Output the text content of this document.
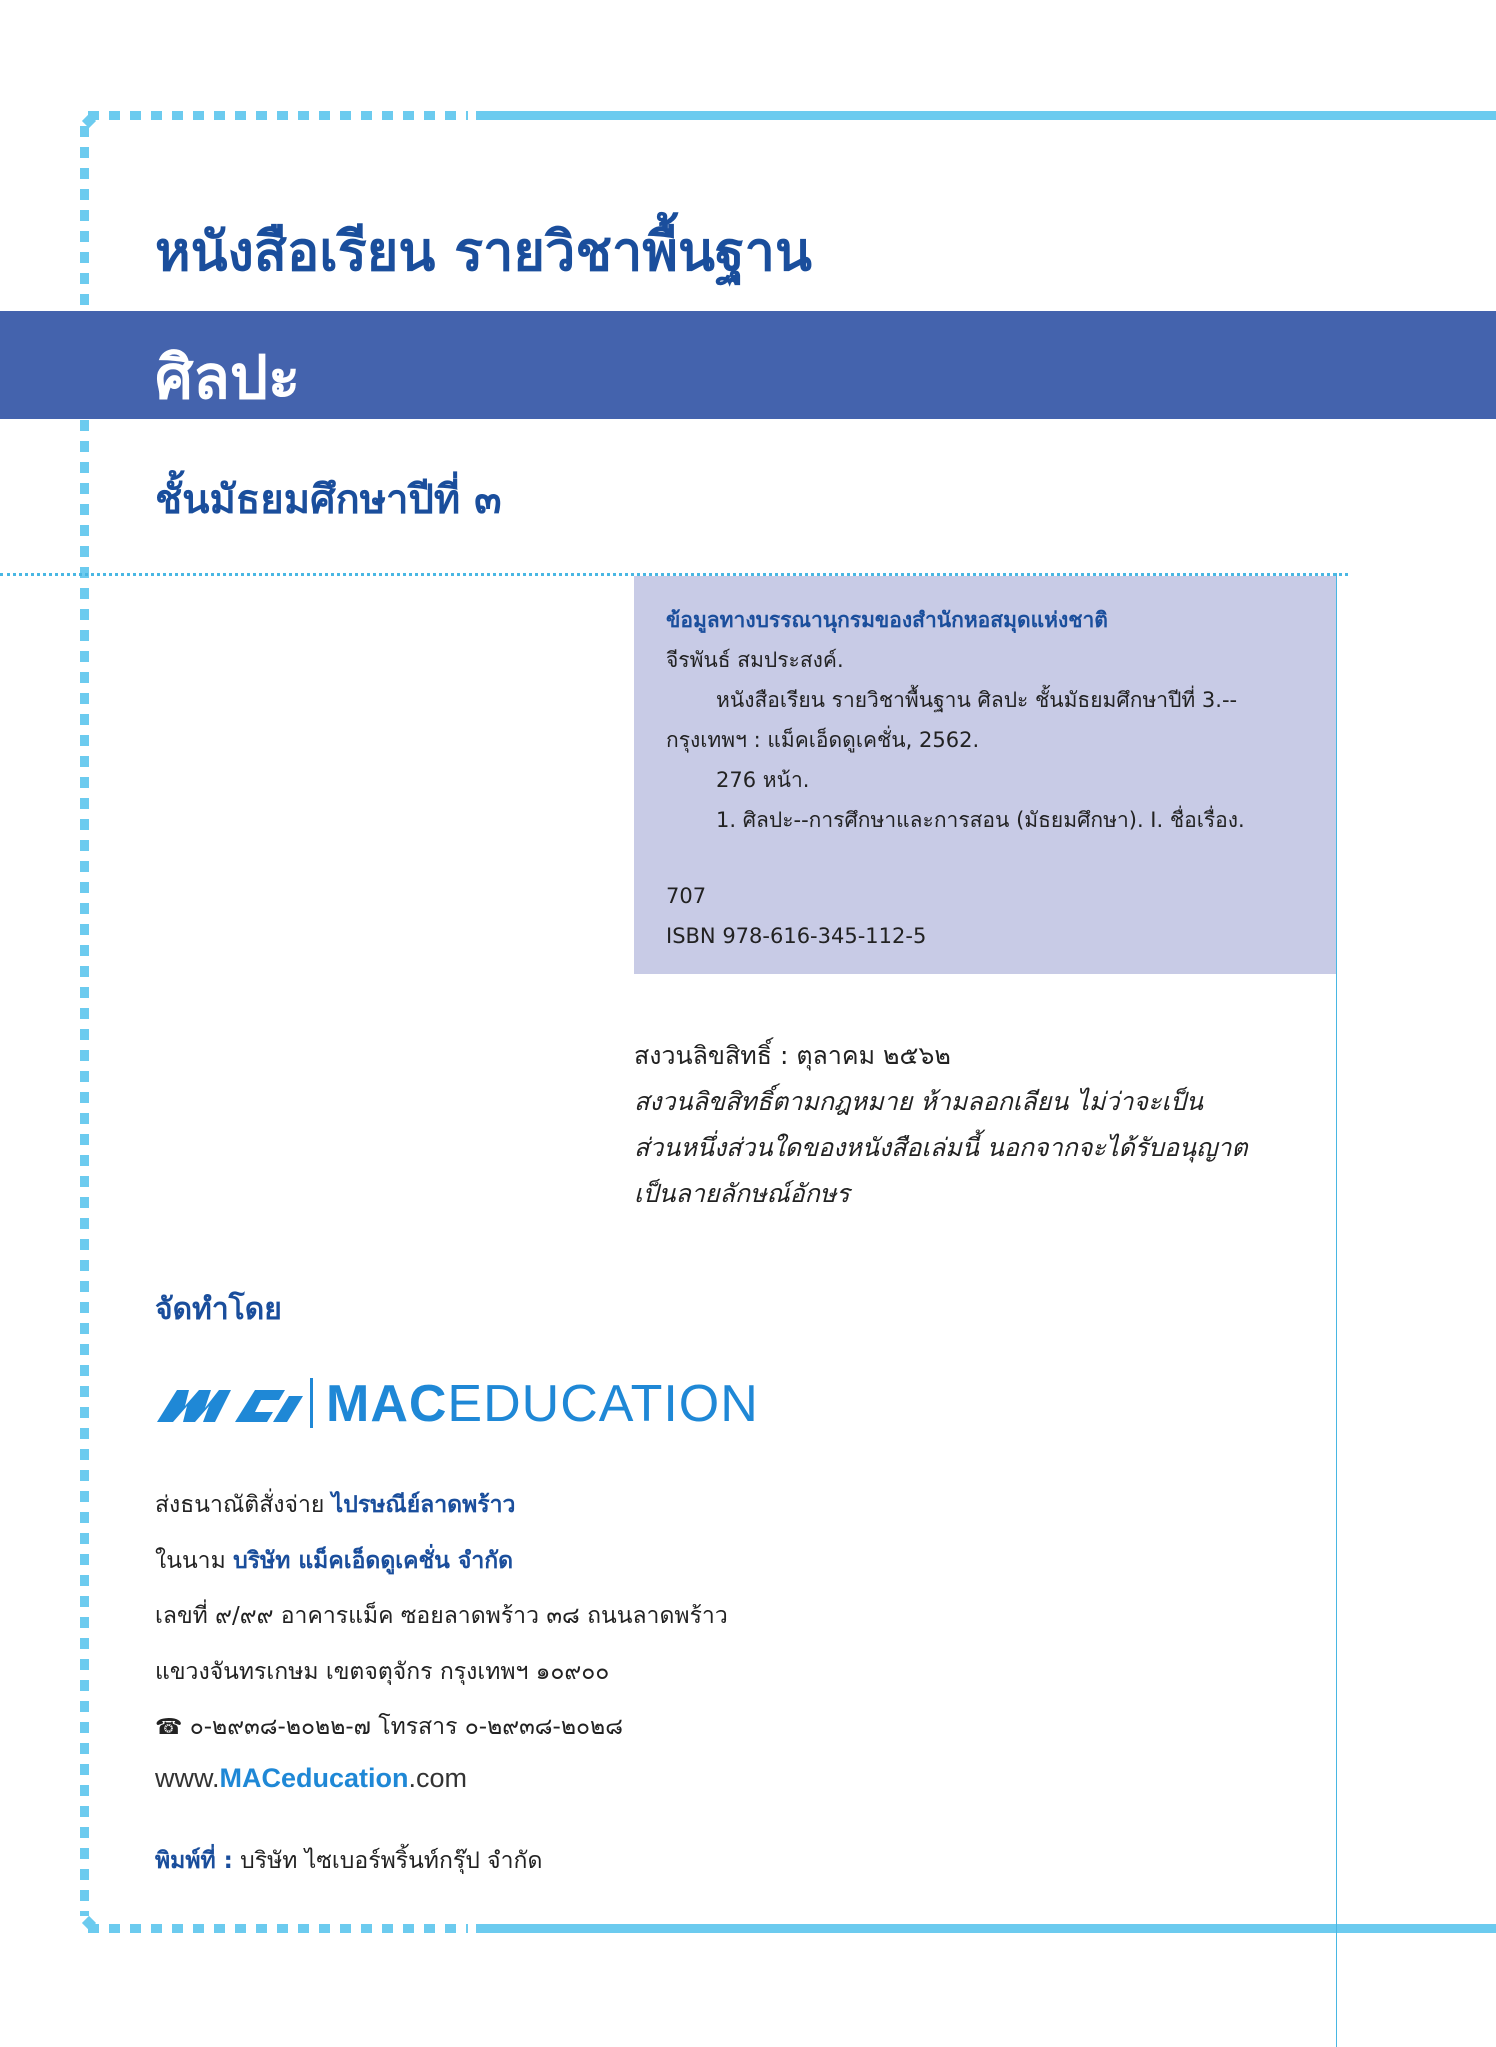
หนังสือเรียน รายวิชาพื้นฐาน
ศิลปะ
ชั้นมัธยมศึกษาปีที่ ๓
ข้อมูลทางบรรณานุกรมของสำนักหอสมุดแห่งชาติ
จีรพันธ์ สมประสงค์.
หนังสือเรียน รายวิชาพื้นฐาน ศิลปะ ชั้นมัธยมศึกษาปีที่ 3.--
กรุงเทพฯ : แม็คเอ็ดดูเคชั่น, 2562.
276 หน้า.
1. ศิลปะ--การศึกษาและการสอน (มัธยมศึกษา). I. ชื่อเรื่อง.
707
ISBN 978-616-345-112-5
สงวนลิขสิทธิ์ : ตุลาคม ๒๕๖๒
สงวนลิขสิทธิ์ตามกฎหมาย ห้ามลอกเลียน ไม่ว่าจะเป็น
ส่วนหนึ่งส่วนใดของหนังสือเล่มนี้ นอกจากจะได้รับอนุญาต
เป็นลายลักษณ์อักษร
จัดทำโดย
MACEDUCATION
ส่งธนาณัติสั่งจ่าย ไปรษณีย์ลาดพร้าว
ในนาม บริษัท แม็คเอ็ดดูเคชั่น จำกัด
เลขที่ ๙/๙๙ อาคารแม็ค ซอยลาดพร้าว ๓๘ ถนนลาดพร้าว
แขวงจันทรเกษม เขตจตุจักร กรุงเทพฯ ๑๐๙๐๐
☎ ๐-๒๙๓๘-๒๐๒๒-๗ โทรสาร ๐-๒๙๓๘-๒๐๒๘
www.MACeducation.com
พิมพ์ที่ : บริษัท ไซเบอร์พริ้นท์กรุ๊ป จำกัด
